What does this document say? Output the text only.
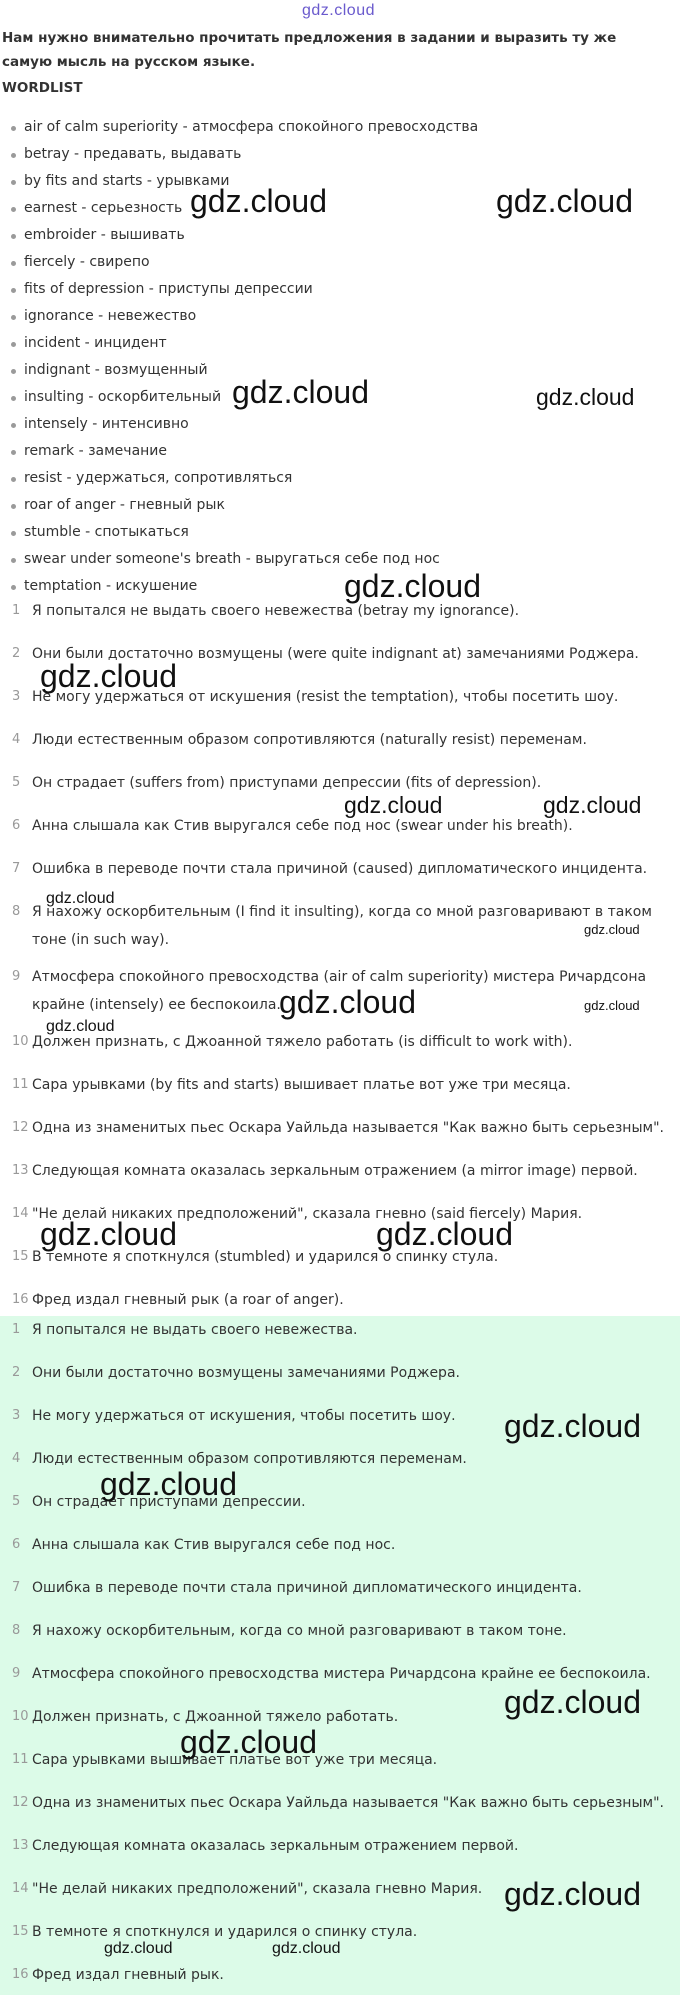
gdz.cloud
Нам нужно внимательно прочитать предложения в задании и выразить ту же самую мысль на русском языке.
WORDLIST
air of calm superiority - атмосфера спокойного превосходства
betray - предавать, выдавать
by fits and starts - урывками
earnest - серьезность
embroider - вышивать
fiercely - свирепо
fits of depression - приступы депрессии
ignorance - невежество
incident - инцидент
indignant - возмущенный
insulting - оскорбительный
intensely - интенсивно
remark - замечание
resist - удержаться, сопротивляться
roar of anger - гневный рык
stumble - спотыкаться
swear under someone's breath - выругаться себе под нос
temptation - искушение
1 Я попытался не выдать своего невежества (betray my ignorance).
2 Они были достаточно возмущены (were quite indignant at) замечаниями Роджера.
3 Не могу удержаться от искушения (resist the temptation), чтобы посетить шоу.
4 Люди естественным образом сопротивляются (naturally resist) переменам.
5 Он страдает (suffers from) приступами депрессии (fits of depression).
6 Анна слышала как Стив выругался себе под нос (swear under his breath).
7 Ошибка в переводе почти стала причиной (caused) дипломатического инцидента.
8 Я нахожу оскорбительным (I find it insulting), когда со мной разговаривают в таком тоне (in such way).
9 Атмосфера спокойного превосходства (air of calm superiority) мистера Ричардсона крайне (intensely) ее беспокоила.
10 Должен признать, с Джоанной тяжело работать (is difficult to work with).
11 Сара урывками (by fits and starts) вышивает платье вот уже три месяца.
12 Одна из знаменитых пьес Оскара Уайльда называется "Как важно быть серьезным".
13 Следующая комната оказалась зеркальным отражением (a mirror image) первой.
14 "Не делай никаких предположений", сказала гневно (said fiercely) Мария.
15 В темноте я споткнулся (stumbled) и ударился о спинку стула.
16 Фред издал гневный рык (a roar of anger).
1 Я попытался не выдать своего невежества.
2 Они были достаточно возмущены замечаниями Роджера.
3 Не могу удержаться от искушения, чтобы посетить шоу.
4 Люди естественным образом сопротивляются переменам.
5 Он страдает приступами депрессии.
6 Анна слышала как Стив выругался себе под нос.
7 Ошибка в переводе почти стала причиной дипломатического инцидента.
8 Я нахожу оскорбительным, когда со мной разговаривают в таком тоне.
9 Атмосфера спокойного превосходства мистера Ричардсона крайне ее беспокоила.
10 Должен признать, с Джоанной тяжело работать.
11 Сара урывками вышивает платье вот уже три месяца.
12 Одна из знаменитых пьес Оскара Уайльда называется "Как важно быть серьезным".
13 Следующая комната оказалась зеркальным отражением первой.
14 "Не делай никаких предположений", сказала гневно Мария.
15 В темноте я споткнулся и ударился о спинку стула.
16 Фред издал гневный рык.
gdz.cloud	gdz.cloud
gdz.cloud	gdz.cloud
gdz.cloud
gdz.cloud
gdz.cloud	gdz.cloud
gdz.cloud
gdz.cloud
gdz.cloud	gdz.cloud
gdz.cloud
gdz.cloud	gdz.cloud
gdz.cloud
gdz.cloud
gdz.cloud
gdz.cloud
gdz.cloud
gdz.cloud	gdz.cloud
